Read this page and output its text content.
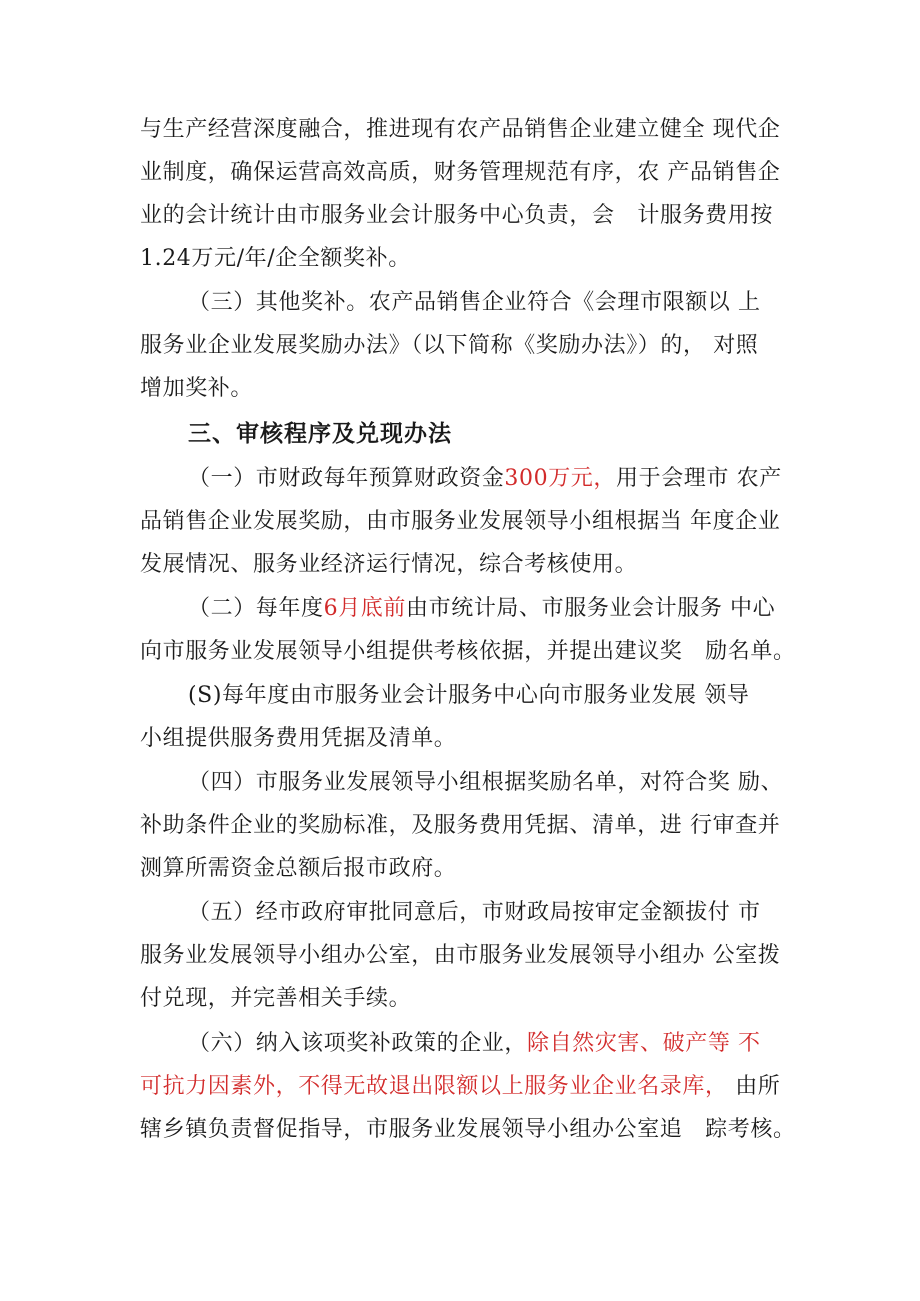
与生产经营深度融合，推进现有农产品销售企业建立健全 现代企
业制度，确保运营高效高质，财务管理规范有序，农 产品销售企
业的会计统计由市服务业会计服务中心负责，会   计服务费用按
1.24万元/年/企全额奖补。
（三）其他奖补。农产品销售企业符合《会理市限额以 上
服务业企业发展奖励办法》（以下简称《奖励办法》）的， 对照
增加奖补。
三、审核程序及兑现办法
（一）市财政每年预算财政资金300万元，用于会理市 农产
品销售企业发展奖励，由市服务业发展领导小组根据当 年度企业
发展情况、服务业经济运行情况，综合考核使用。
（二）每年度6月底前由市统计局、市服务业会计服务 中心
向市服务业发展领导小组提供考核依据，并提出建议奖   励名单。
(S)每年度由市服务业会计服务中心向市服务业发展 领导
小组提供服务费用凭据及清单。
（四）市服务业发展领导小组根据奖励名单，对符合奖 励、
补助条件企业的奖励标准，及服务费用凭据、清单，进 行审查并
测算所需资金总额后报市政府。
（五）经市政府审批同意后，市财政局按审定金额拔付 市
服务业发展领导小组办公室，由市服务业发展领导小组办 公室拨
付兑现，并完善相关手续。
（六）纳入该项奖补政策的企业，除自然灾害、破产等 不
可抗力因素外，不得无故退出限额以上服务业企业名录库， 由所
辖乡镇负责督促指导，市服务业发展领导小组办公室追   踪考核。
